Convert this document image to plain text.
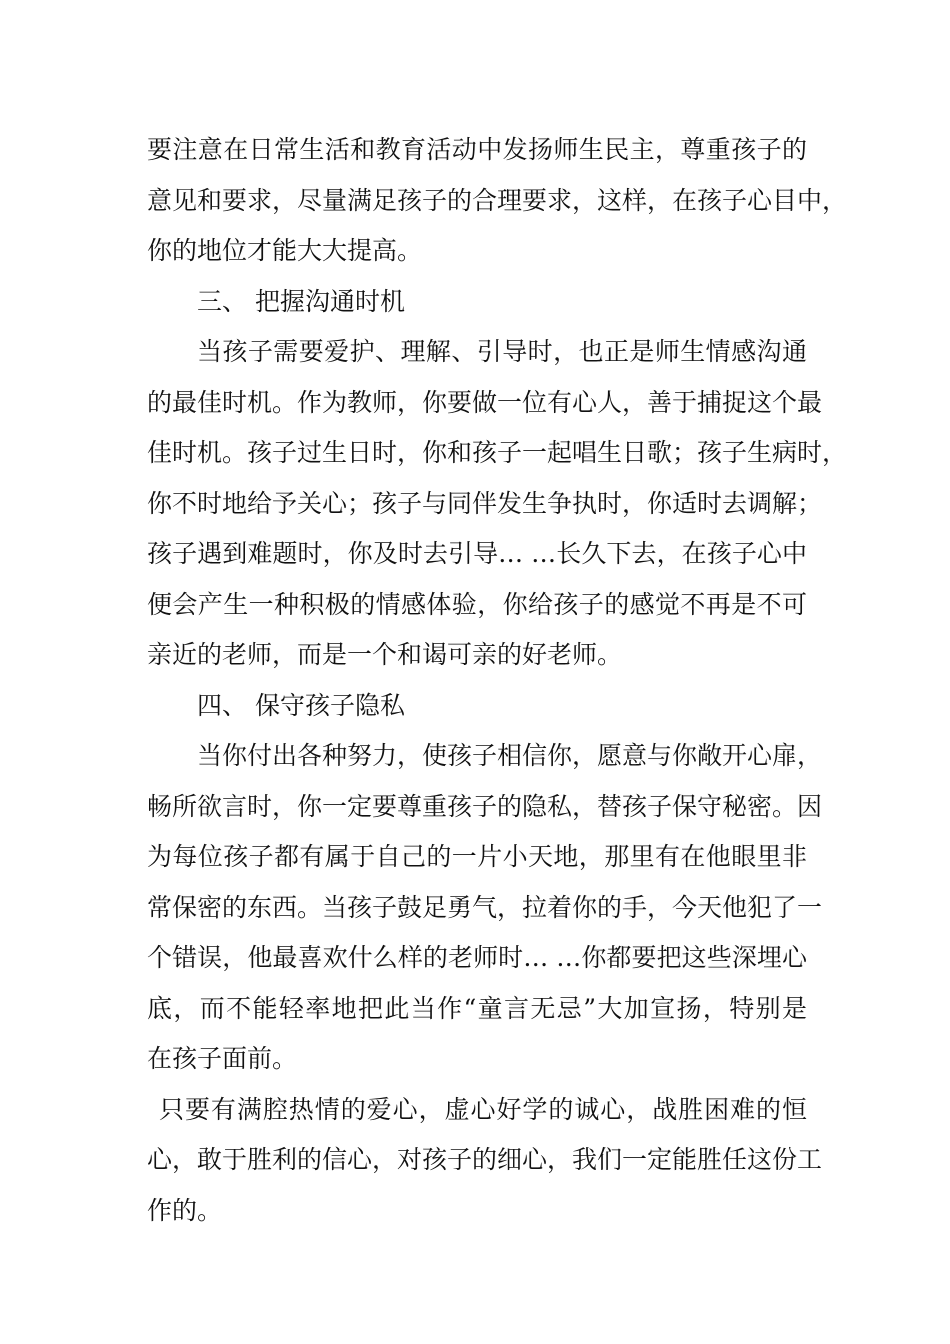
要注意在日常生活和教育活动中发扬师生民主，尊重孩子的
意见和要求，尽量满足孩子的合理要求，这样，在孩子心目中，
你的地位才能大大提高。
三、 把握沟通时机
当孩子需要爱护、理解、引导时，也正是师生情感沟通
的最佳时机。作为教师，你要做一位有心人，善于捕捉这个最
佳时机。孩子过生日时，你和孩子一起唱生日歌；孩子生病时，
你不时地给予关心；孩子与同伴发生争执时，你适时去调解；
孩子遇到难题时，你及时去引导… …长久下去，在孩子心中
便会产生一种积极的情感体验，你给孩子的感觉不再是不可
亲近的老师，而是一个和谒可亲的好老师。
四、 保守孩子隐私
当你付出各种努力，使孩子相信你，愿意与你敞开心扉，
畅所欲言时，你一定要尊重孩子的隐私，替孩子保守秘密。因
为每位孩子都有属于自己的一片小天地，那里有在他眼里非
常保密的东西。当孩子鼓足勇气，拉着你的手，今天他犯了一
个错误，他最喜欢什么样的老师时… …你都要把这些深埋心
底，而不能轻率地把此当作“童言无忌”大加宣扬，特别是
在孩子面前。
只要有满腔热情的爱心，虚心好学的诚心，战胜困难的恒
心，敢于胜利的信心，对孩子的细心，我们一定能胜任这份工
作的。
